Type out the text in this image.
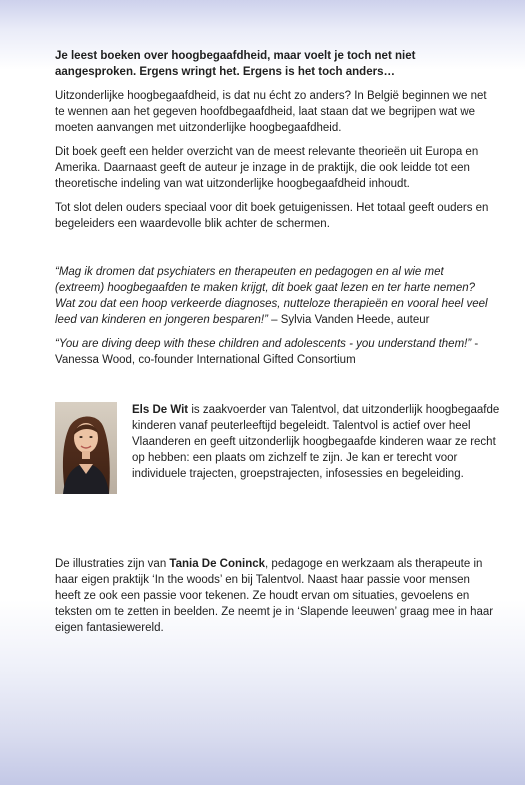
Je leest boeken over hoogbegaafdheid, maar voelt je toch net niet aangesproken. Ergens wringt het. Ergens is het toch anders…

Uitzonderlijke hoogbegaafdheid, is dat nu écht zo anders? In België beginnen we net te wennen aan het gegeven hoofdbegaafdheid, laat staan dat we begrijpen wat we moeten aanvangen met uitzonderlijke hoogbegaafdheid.

Dit boek geeft een helder overzicht van de meest relevante theorieën uit Europa en Amerika. Daarnaast geeft de auteur je inzage in de praktijk, die ook leidde tot een theoretische indeling van wat uitzonderlijke hoogbegaafdheid inhoudt.

Tot slot delen ouders speciaal voor dit boek getuigenissen. Het totaal geeft ouders en begeleiders een waardevolle blik achter de schermen.

“Mag ik dromen dat psychiaters en therapeuten en pedagogen en al wie met (extreem) hoogbegaafden te maken krijgt, dit boek gaat lezen en ter harte nemen? Wat zou dat een hoop verkeerde diagnoses, nutteloze therapieën en vooral heel veel leed van kinderen en jongeren besparen!” – Sylvia Vanden Heede, auteur

“You are diving deep with these children and adolescents - you understand them!” - Vanessa Wood, co-founder International Gifted Consortium

Els De Wit is zaakvoerder van Talentvol, dat uitzonderlijk hoogbegaafde kinderen vanaf peuterleeftijd begeleidt. Talentvol is actief over heel Vlaanderen en geeft uitzonderlijk hoogbegaafde kinderen waar ze recht op hebben: een plaats om zichzelf te zijn. Je kan er terecht voor individuele trajecten, groepstrajecten, infosessies en begeleiding.

De illustraties zijn van Tania De Coninck, pedagoge en werkzaam als therapeute in haar eigen praktijk ‘In the woods’ en bij Talentvol. Naast haar passie voor mensen heeft ze ook een passie voor tekenen. Ze houdt ervan om situaties, gevoelens en teksten om te zetten in beelden. Ze neemt je in ‘Slapende leeuwen’ graag mee in haar eigen fantasiewereld.
